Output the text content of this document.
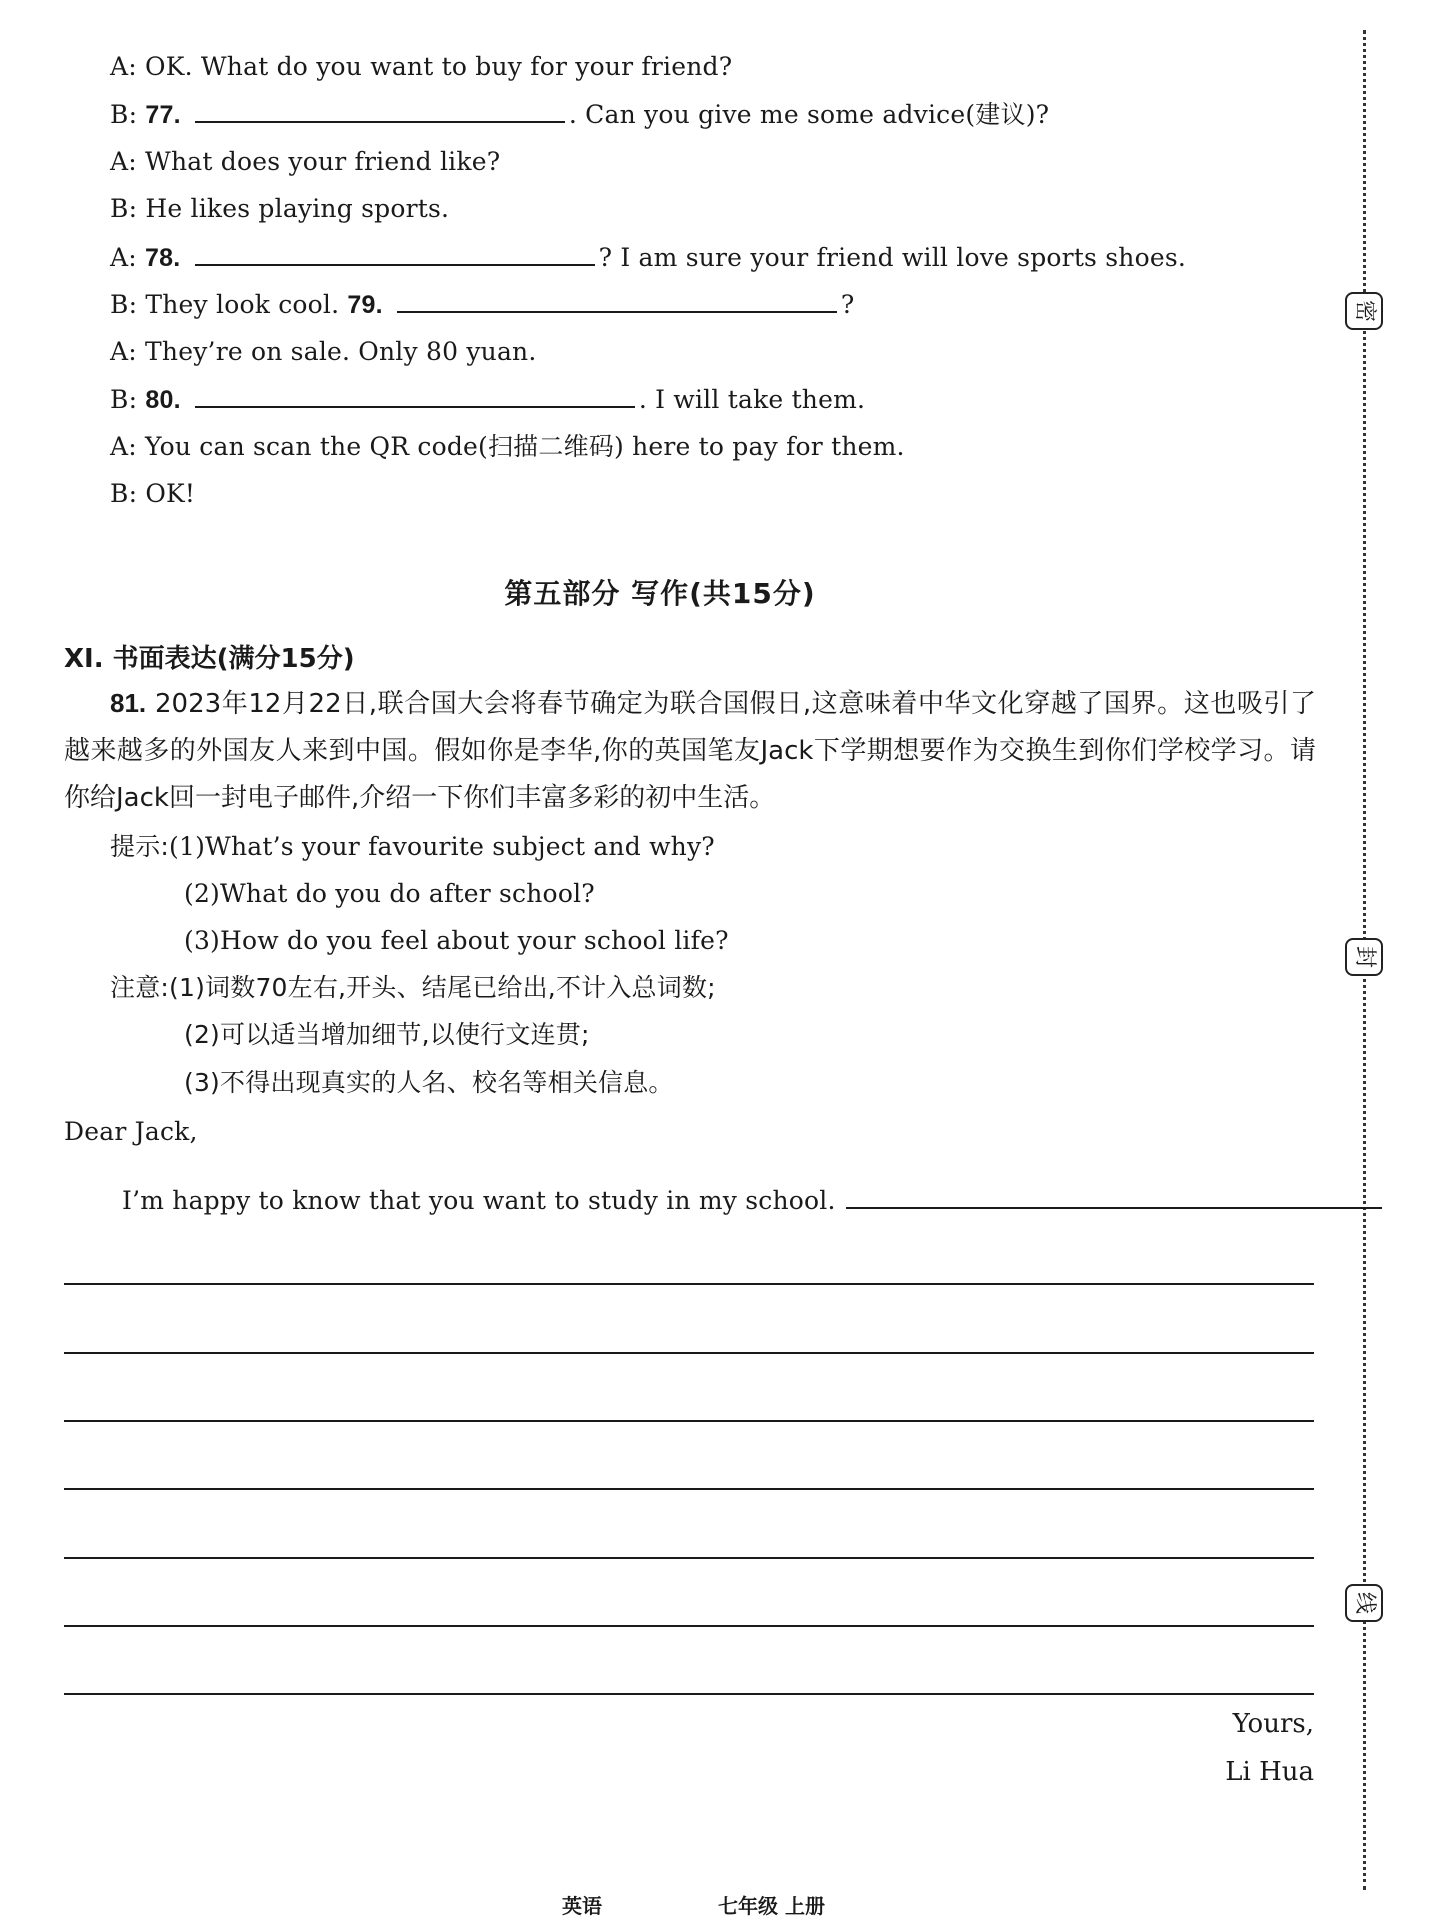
密
封
线
A: OK. What do you want to buy for your friend?
B: 77.	. Can you give me some advice(建议)?
A: What does your friend like?
B: He likes playing sports.
A: 78.	? I am sure your friend will love sports shoes.
B: They look cool. 79.	?
A: They’re on sale. Only 80 yuan.
B: 80.	. I will take them.
A: You can scan the QR code(扫描二维码) here to pay for them.
B: OK!
第五部分 写作(共15分)
XI. 书面表达(满分15分)
81. 2023年12月22日,联合国大会将春节确定为联合国假日,这意味着中华文化穿越了国界。这也吸引了越来越多的外国友人来到中国。假如你是李华,你的英国笔友Jack下学期想要作为交换生到你们学校学习。请你给Jack回一封电子邮件,介绍一下你们丰富多彩的初中生活。
提示:(1)What’s your favourite subject and why?
(2)What do you do after school?
(3)How do you feel about your school life?
注意:(1)词数70左右,开头、结尾已给出,不计入总词数;
(2)可以适当增加细节,以使行文连贯;
(3)不得出现真实的人名、校名等相关信息。
Dear Jack,
I’m happy to know that you want to study in my school.
Yours,
Li Hua
英语	七年级 上册
